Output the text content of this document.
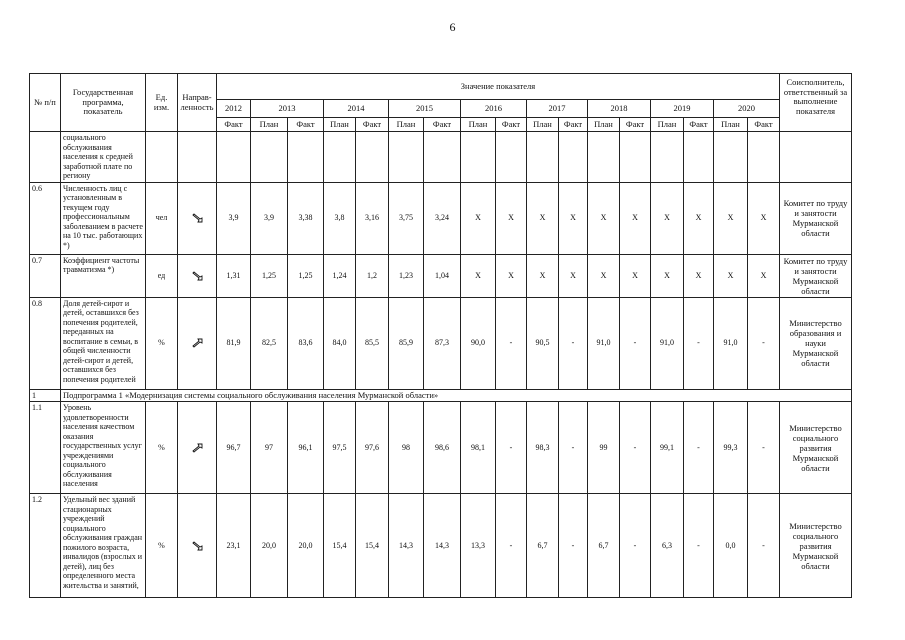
6
№ п/п	Государственная программа, показатель	Ед. изм.	Направ-ленность	Значение показателя																	Соисполнитель, ответственный за выполнение показателя
				2012	2013		2014		2015		2016		2017		2018		2019		2020		
				Факт	План	Факт	План	Факт	План	Факт	План	Факт	План	Факт	План	Факт	План	Факт	План	Факт	
	социального обслуживания населения к средней заработной плате по региону																				
0.6	Численность лиц с установленным в текущем году профессиональным заболеванием в расчете на 10 тыс. работающих *)	чел		3,9	3,9	3,38	3,8	3,16	3,75	3,24	X	X	X	X	X	X	X	X	X	X	Комитет по труду и занятости Мурманской области
0.7	Коэффициент частоты травматизма *)	ед		1,31	1,25	1,25	1,24	1,2	1,23	1,04	X	X	X	X	X	X	X	X	X	X	Комитет по труду и занятости Мурманской области
0.8	Доля детей-сирот и детей, оставшихся без попечения родителей, переданных на воспитание в семьи, в общей численности детей-сирот и детей, оставшихся без попечения родителей	%		81,9	82,5	83,6	84,0	85,5	85,9	87,3	90,0	-	90,5	-	91,0	-	91,0	-	91,0	-	Министерство образования и науки Мурманской области
1	Подпрограмма 1 «Модернизация системы социального обслуживания населения Мурманской области»																				
1.1	Уровень удовлетворенности населения качеством оказания государственных услуг учреждениями социального обслуживания населения	%		96,7	97	96,1	97,5	97,6	98	98,6	98,1	-	98,3	-	99	-	99,1	-	99,3	-	Министерство социального развития Мурманской области
1.2	Удельный вес зданий стационарных учреждений социального обслуживания граждан пожилого возраста, инвалидов (взрослых и детей), лиц без определенного места жительства и занятий,	%		23,1	20,0	20,0	15,4	15,4	14,3	14,3	13,3	-	6,7	-	6,7	-	6,3	-	0,0	-	Министерство социального развития Мурманской области
